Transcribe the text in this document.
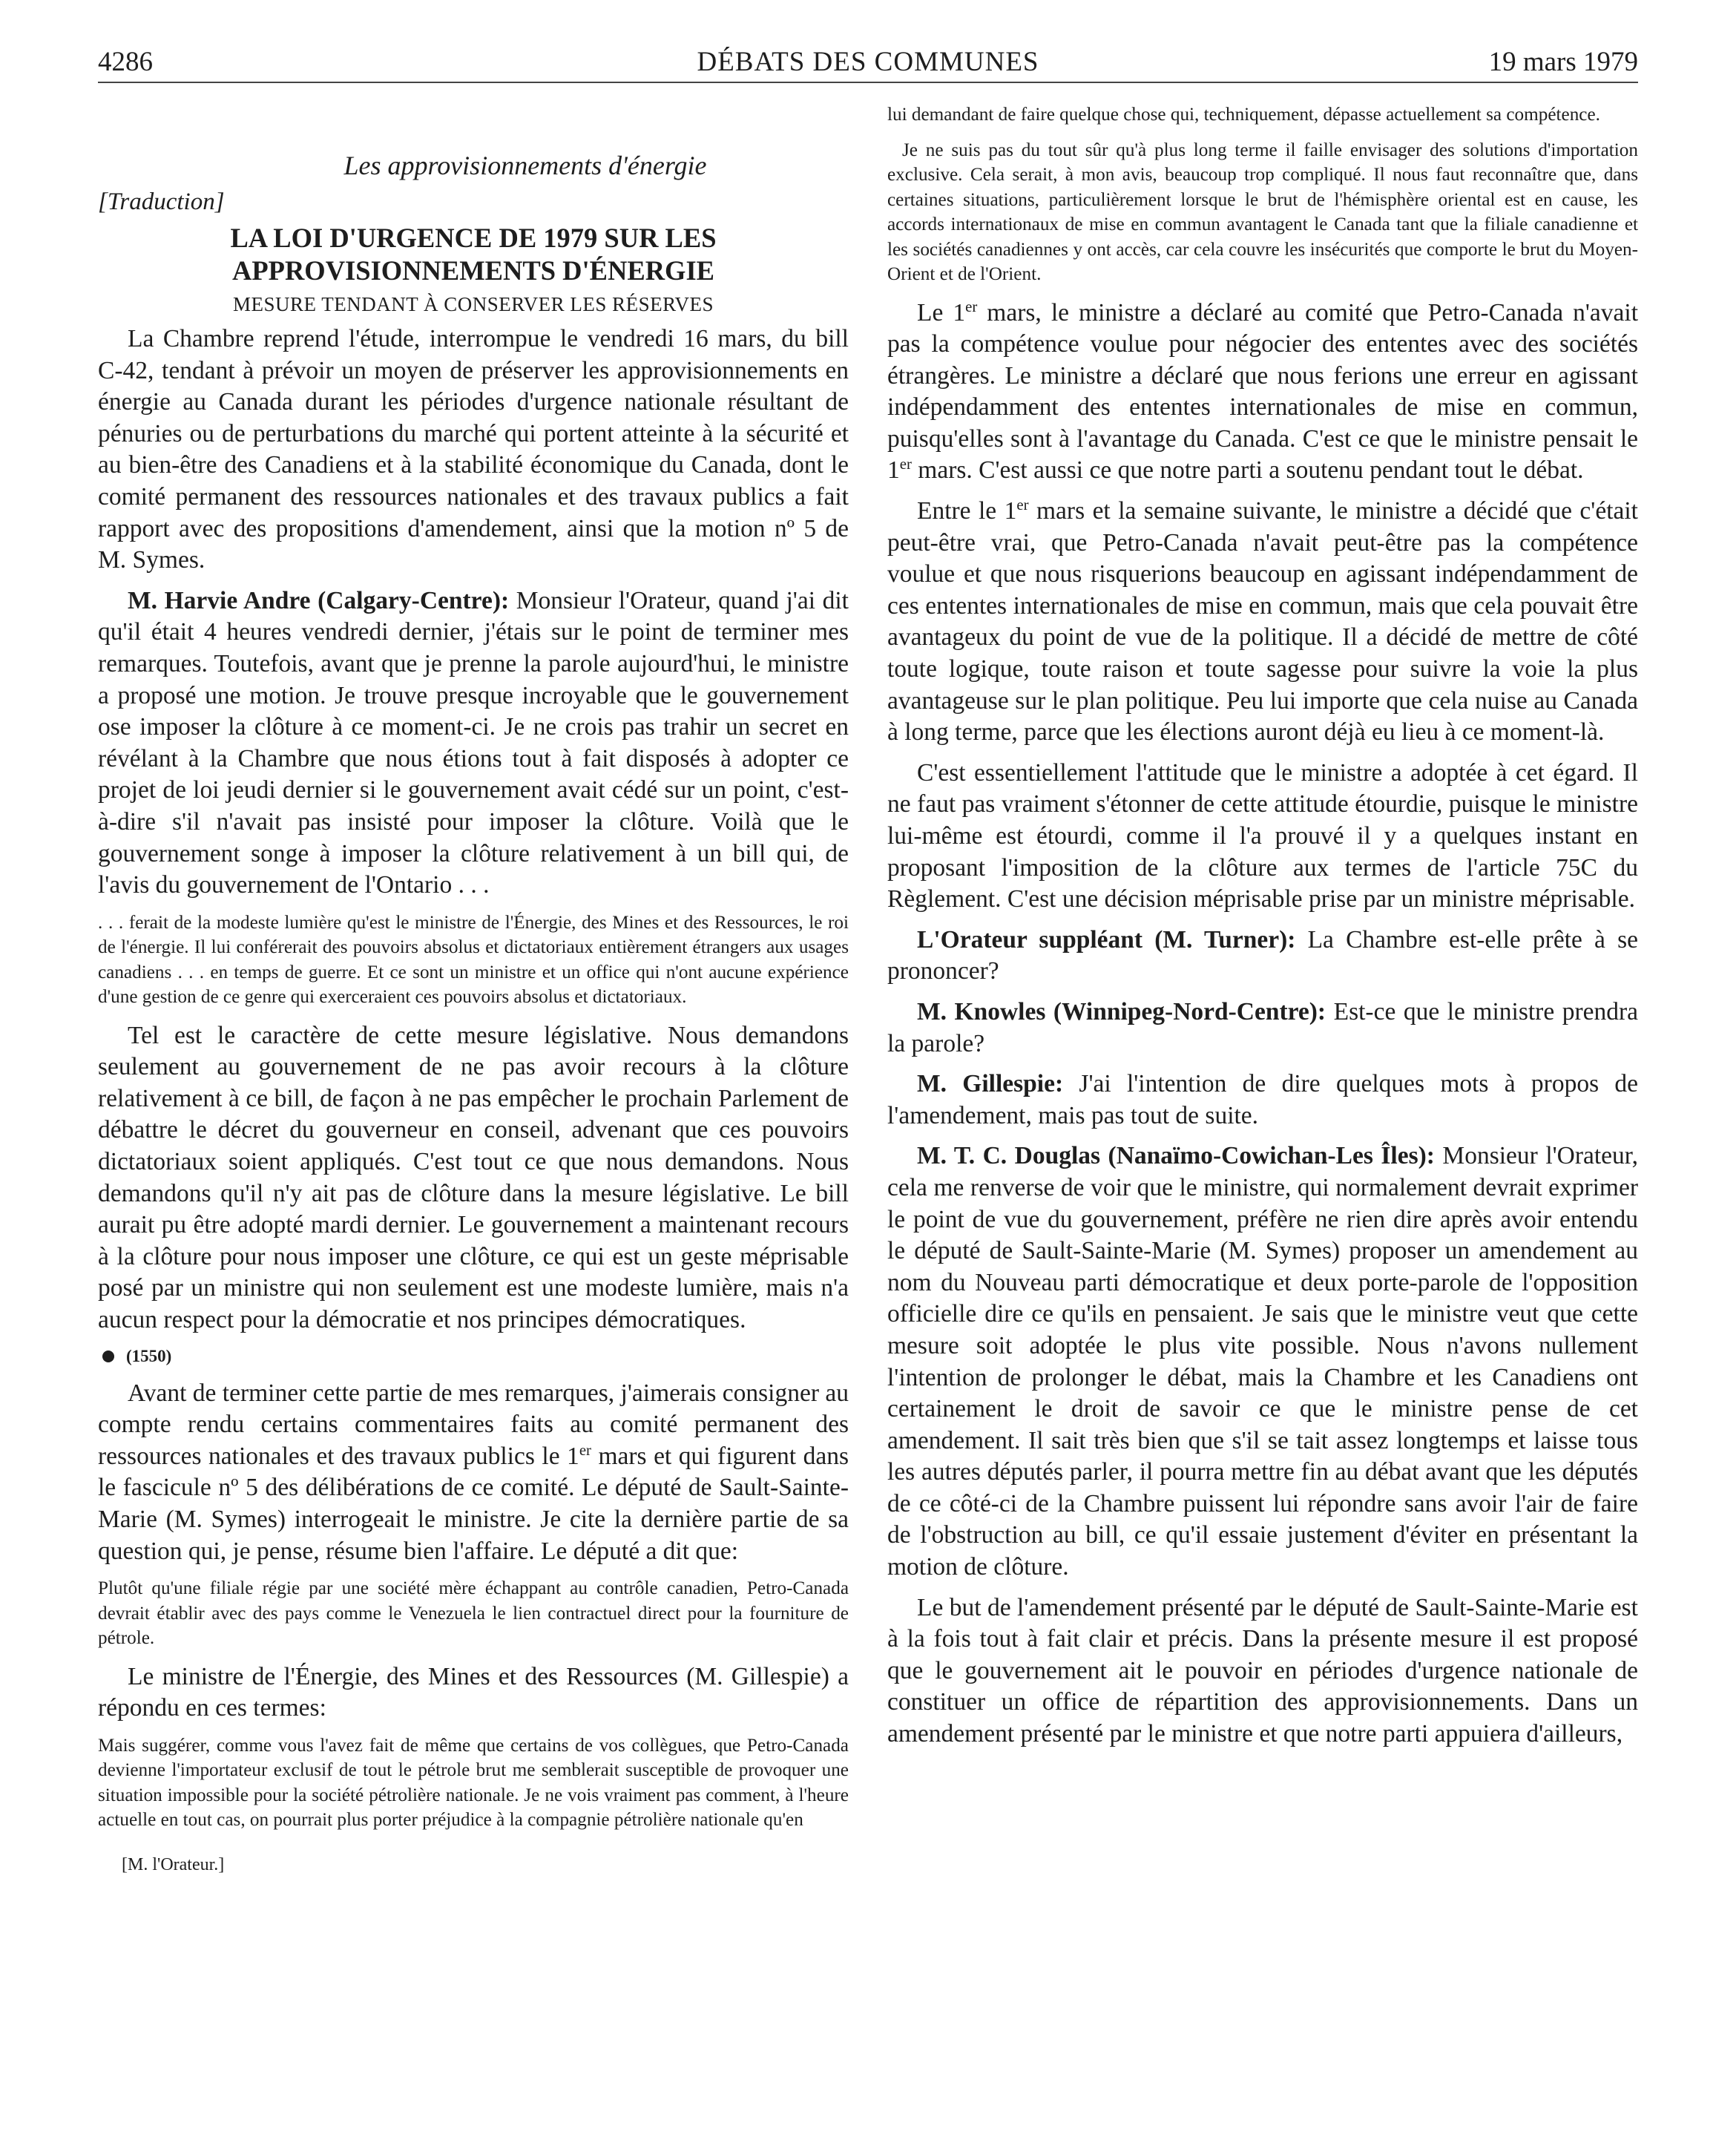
4286	DÉBATS DES COMMUNES	19 mars 1979
Les approvisionnements d'énergie
[Traduction]
LA LOI D'URGENCE DE 1979 SUR LES
APPROVISIONNEMENTS D'ÉNERGIE
MESURE TENDANT À CONSERVER LES RÉSERVES

La Chambre reprend l'étude, interrompue le vendredi 16 mars, du bill C-42, tendant à prévoir un moyen de préserver les approvisionnements en énergie au Canada durant les périodes d'urgence nationale résultant de pénuries ou de perturbations du marché qui portent atteinte à la sécurité et au bien-être des Canadiens et à la stabilité économique du Canada, dont le comité permanent des ressources nationales et des travaux publics a fait rapport avec des propositions d'amendement, ainsi que la motion nº 5 de M. Symes.

M. Harvie Andre (Calgary-Centre): Monsieur l'Orateur, quand j'ai dit qu'il était 4 heures vendredi dernier, j'étais sur le point de terminer mes remarques. Toutefois, avant que je prenne la parole aujourd'hui, le ministre a proposé une motion. Je trouve presque incroyable que le gouvernement ose imposer la clôture à ce moment-ci. Je ne crois pas trahir un secret en révélant à la Chambre que nous étions tout à fait disposés à adopter ce projet de loi jeudi dernier si le gouvernement avait cédé sur un point, c'est-à-dire s'il n'avait pas insisté pour imposer la clôture. Voilà que le gouvernement songe à imposer la clôture relativement à un bill qui, de l'avis du gouvernement de l'Ontario . . .

. . . ferait de la modeste lumière qu'est le ministre de l'Énergie, des Mines et des Ressources, le roi de l'énergie. Il lui conférerait des pouvoirs absolus et dictatoriaux entièrement étrangers aux usages canadiens . . . en temps de guerre. Et ce sont un ministre et un office qui n'ont aucune expérience d'une gestion de ce genre qui exerceraient ces pouvoirs absolus et dictatoriaux.

Tel est le caractère de cette mesure législative. Nous demandons seulement au gouvernement de ne pas avoir recours à la clôture relativement à ce bill, de façon à ne pas empêcher le prochain Parlement de débattre le décret du gouverneur en conseil, advenant que ces pouvoirs dictatoriaux soient appliqués. C'est tout ce que nous demandons. Nous demandons qu'il n'y ait pas de clôture dans la mesure législative. Le bill aurait pu être adopté mardi dernier. Le gouvernement a maintenant recours à la clôture pour nous imposer une clôture, ce qui est un geste méprisable posé par un ministre qui non seulement est une modeste lumière, mais n'a aucun respect pour la démocratie et nos principes démocratiques.

(1550)

Avant de terminer cette partie de mes remarques, j'aimerais consigner au compte rendu certains commentaires faits au comité permanent des ressources nationales et des travaux publics le 1er mars et qui figurent dans le fascicule nº 5 des délibérations de ce comité. Le député de Sault-Sainte-Marie (M. Symes) interrogeait le ministre. Je cite la dernière partie de sa question qui, je pense, résume bien l'affaire. Le député a dit que:

Plutôt qu'une filiale régie par une société mère échappant au contrôle canadien, Petro-Canada devrait établir avec des pays comme le Venezuela le lien contractuel direct pour la fourniture de pétrole.

Le ministre de l'Énergie, des Mines et des Ressources (M. Gillespie) a répondu en ces termes:

Mais suggérer, comme vous l'avez fait de même que certains de vos collègues, que Petro-Canada devienne l'importateur exclusif de tout le pétrole brut me semblerait susceptible de provoquer une situation impossible pour la société pétrolière nationale. Je ne vois vraiment pas comment, à l'heure actuelle en tout cas, on pourrait plus porter préjudice à la compagnie pétrolière nationale qu'en
[M. l'Orateur.]
lui demandant de faire quelque chose qui, techniquement, dépasse actuellement sa compétence.
Je ne suis pas du tout sûr qu'à plus long terme il faille envisager des solutions d'importation exclusive. Cela serait, à mon avis, beaucoup trop compliqué. Il nous faut reconnaître que, dans certaines situations, particulièrement lorsque le brut de l'hémisphère oriental est en cause, les accords internationaux de mise en commun avantagent le Canada tant que la filiale canadienne et les sociétés canadiennes y ont accès, car cela couvre les insécurités que comporte le brut du Moyen-Orient et de l'Orient.

Le 1er mars, le ministre a déclaré au comité que Petro-Canada n'avait pas la compétence voulue pour négocier des ententes avec des sociétés étrangères. Le ministre a déclaré que nous ferions une erreur en agissant indépendamment des ententes internationales de mise en commun, puisqu'elles sont à l'avantage du Canada. C'est ce que le ministre pensait le 1er mars. C'est aussi ce que notre parti a soutenu pendant tout le débat.

Entre le 1er mars et la semaine suivante, le ministre a décidé que c'était peut-être vrai, que Petro-Canada n'avait peut-être pas la compétence voulue et que nous risquerions beaucoup en agissant indépendamment de ces ententes internationales de mise en commun, mais que cela pouvait être avantageux du point de vue de la politique. Il a décidé de mettre de côté toute logique, toute raison et toute sagesse pour suivre la voie la plus avantageuse sur le plan politique. Peu lui importe que cela nuise au Canada à long terme, parce que les élections auront déjà eu lieu à ce moment-là.

C'est essentiellement l'attitude que le ministre a adoptée à cet égard. Il ne faut pas vraiment s'étonner de cette attitude étourdie, puisque le ministre lui-même est étourdi, comme il l'a prouvé il y a quelques instant en proposant l'imposition de la clôture aux termes de l'article 75C du Règlement. C'est une décision méprisable prise par un ministre méprisable.

L'Orateur suppléant (M. Turner): La Chambre est-elle prête à se prononcer?

M. Knowles (Winnipeg-Nord-Centre): Est-ce que le ministre prendra la parole?

M. Gillespie: J'ai l'intention de dire quelques mots à propos de l'amendement, mais pas tout de suite.

M. T. C. Douglas (Nanaïmo-Cowichan-Les Îles): Monsieur l'Orateur, cela me renverse de voir que le ministre, qui normalement devrait exprimer le point de vue du gouvernement, préfère ne rien dire après avoir entendu le député de Sault-Sainte-Marie (M. Symes) proposer un amendement au nom du Nouveau parti démocratique et deux porte-parole de l'opposition officielle dire ce qu'ils en pensaient. Je sais que le ministre veut que cette mesure soit adoptée le plus vite possible. Nous n'avons nullement l'intention de prolonger le débat, mais la Chambre et les Canadiens ont certainement le droit de savoir ce que le ministre pense de cet amendement. Il sait très bien que s'il se tait assez longtemps et laisse tous les autres députés parler, il pourra mettre fin au débat avant que les députés de ce côté-ci de la Chambre puissent lui répondre sans avoir l'air de faire de l'obstruction au bill, ce qu'il essaie justement d'éviter en présentant la motion de clôture.

Le but de l'amendement présenté par le député de Sault-Sainte-Marie est à la fois tout à fait clair et précis. Dans la présente mesure il est proposé que le gouvernement ait le pouvoir en périodes d'urgence nationale de constituer un office de répartition des approvisionnements. Dans un amendement présenté par le ministre et que notre parti appuiera d'ailleurs,
